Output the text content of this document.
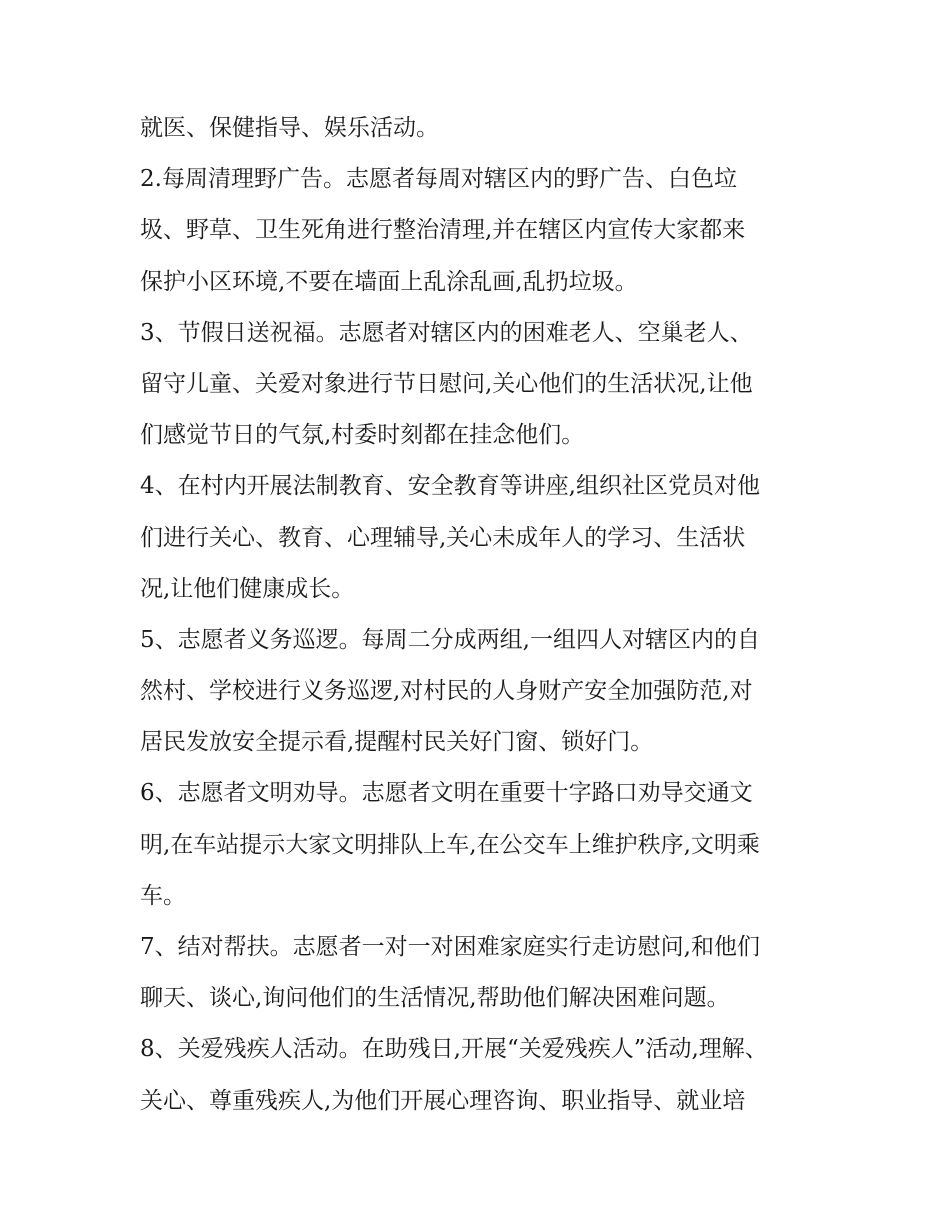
就医、保健指导、娱乐活动。
2.每周清理野广告。志愿者每周对辖区内的野广告、白色垃
圾、野草、卫生死角进行整治清理,并在辖区内宣传大家都来
保护小区环境,不要在墙面上乱涂乱画,乱扔垃圾。
3、节假日送祝福。志愿者对辖区内的困难老人、空巢老人、
留守儿童、关爱对象进行节日慰问,关心他们的生活状况,让他
们感觉节日的气氛,村委时刻都在挂念他们。
4、在村内开展法制教育、安全教育等讲座,组织社区党员对他
们进行关心、教育、心理辅导,关心未成年人的学习、生活状
况,让他们健康成长。
5、志愿者义务巡逻。每周二分成两组,一组四人对辖区内的自
然村、学校进行义务巡逻,对村民的人身财产安全加强防范,对
居民发放安全提示看,提醒村民关好门窗、锁好门。
6、志愿者文明劝导。志愿者文明在重要十字路口劝导交通文
明,在车站提示大家文明排队上车,在公交车上维护秩序,文明乘
车。
7、结对帮扶。志愿者一对一对困难家庭实行走访慰问,和他们
聊天、谈心,询问他们的生活情况,帮助他们解决困难问题。
8、关爱残疾人活动。在助残日,开展“关爱残疾人”活动,理解、
关心、尊重残疾人,为他们开展心理咨询、职业指导、就业培
